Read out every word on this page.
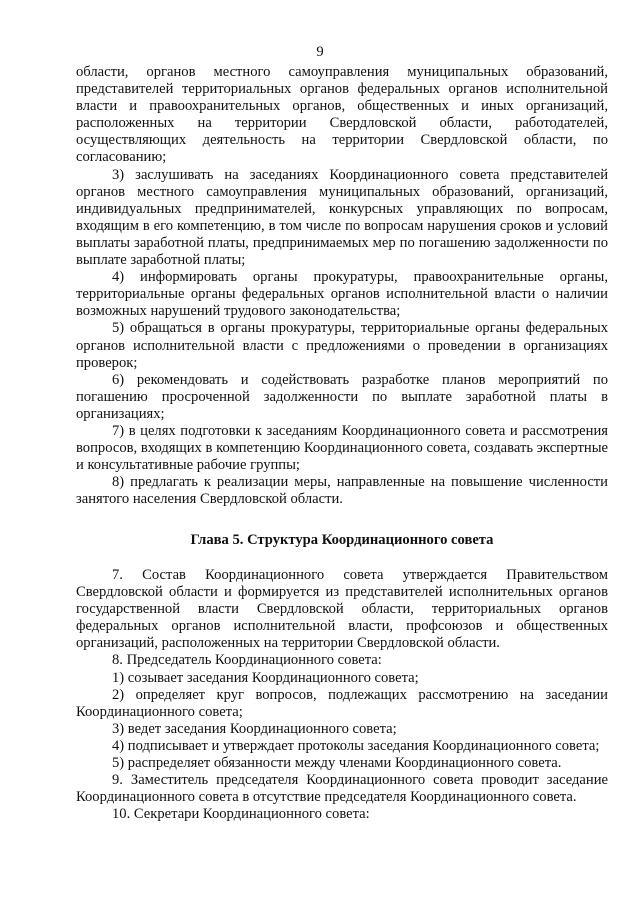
9

области, органов местного самоуправления муниципальных образований, представителей территориальных органов федеральных органов исполнительной власти и правоохранительных органов, общественных и иных организаций, расположенных на территории Свердловской области, работодателей, осуществляющих деятельность на территории Свердловской области, по согласованию;

3) заслушивать на заседаниях Координационного совета представителей органов местного самоуправления муниципальных образований, организаций, индивидуальных предпринимателей, конкурсных управляющих по вопросам, входящим в его компетенцию, в том числе по вопросам нарушения сроков и условий выплаты заработной платы, предпринимаемых мер по погашению задолженности по выплате заработной платы;

4) информировать органы прокуратуры, правоохранительные органы, территориальные органы федеральных органов исполнительной власти о наличии возможных нарушений трудового законодательства;

5) обращаться в органы прокуратуры, территориальные органы федеральных органов исполнительной власти с предложениями о проведении в организациях проверок;

6) рекомендовать и содействовать разработке планов мероприятий по погашению просроченной задолженности по выплате заработной платы в организациях;

7) в целях подготовки к заседаниям Координационного совета и рассмотрения вопросов, входящих в компетенцию Координационного совета, создавать экспертные и консультативные рабочие группы;

8) предлагать к реализации меры, направленные на повышение численности занятого населения Свердловской области.

Глава 5. Структура Координационного совета

7. Состав Координационного совета утверждается Правительством Свердловской области и формируется из представителей исполнительных органов государственной власти Свердловской области, территориальных органов федеральных органов исполнительной власти, профсоюзов и общественных организаций, расположенных на территории Свердловской области.

8. Председатель Координационного совета:

1) созывает заседания Координационного совета;

2) определяет круг вопросов, подлежащих рассмотрению на заседании Координационного совета;

3) ведет заседания Координационного совета;

4) подписывает и утверждает протоколы заседания Координационного совета;

5) распределяет обязанности между членами Координационного совета.

9. Заместитель председателя Координационного совета проводит заседание Координационного совета в отсутствие председателя Координационного совета.

10. Секретари Координационного совета:
